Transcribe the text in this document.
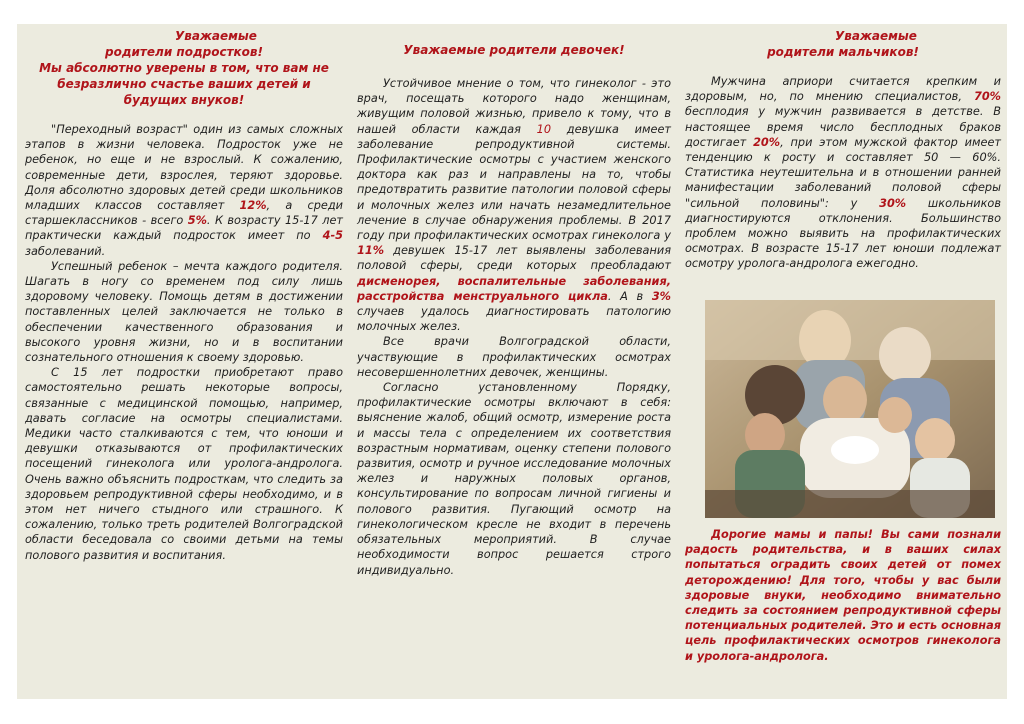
Уважаемые

родители подростков!

Мы абсолютно уверены в том, что вам не

безразлично счастье ваших детей и

будущих внуков!

"Переходный возраст" один из самых сложных этапов в жизни человека. Подросток уже не ребенок, но еще и не взрослый. К сожалению, современные дети, взрослея, теряют здоровье. Доля абсолютно здоровых детей среди школьников младших классов составляет 12%, а среди старшеклассников - всего 5%. К возрасту 15-17 лет практически каждый подросток имеет по 4-5 заболеваний.

Успешный ребенок – мечта каждого родителя. Шагать в ногу со временем под силу лишь здоровому человеку. Помощь детям в достижении поставленных целей заключается не только в обеспечении качественного образования и высокого уровня жизни, но и в воспитании сознательного отношения к своему здоровью.

С 15 лет подростки приобретают право самостоятельно решать некоторые вопросы, связанные с медицинской помощью, например, давать согласие на осмотры специалистами. Медики часто сталкиваются с тем, что юноши и девушки отказываются от профилактических посещений гинеколога или уролога-андролога. Очень важно объяснить подросткам, что следить за здоровьем репродуктивной сферы необходимо, и в этом нет ничего стыдного или страшного. К сожалению, только треть родителей Волгоградской области беседовала со своими детьми на темы полового развития и воспитания.

Уважаемые родители девочек!

Устойчивое мнение о том, что гинеколог - это врач, посещать которого надо женщинам, живущим половой жизнью, привело к тому, что в нашей области каждая 10 девушка имеет заболевание репродуктивной системы. Профилактические осмотры с участием женского доктора как раз и направлены на то, чтобы предотвратить развитие патологии половой сферы и молочных желез или начать незамедлительное лечение в случае обнаружения проблемы. В 2017 году при профилактических осмотрах гинеколога у 11% девушек 15-17 лет выявлены заболевания половой сферы, среди которых преобладают дисменорея, воспалительные заболевания, расстройства менструального цикла. А в 3% случаев удалось диагностировать патологию молочных желез.

Все врачи Волгоградской области, участвующие в профилактических осмотрах несовершеннолетних девочек, женщины.

Согласно установленному Порядку, профилактические осмотры включают в себя: выяснение жалоб, общий осмотр, измерение роста и массы тела с определением их соответствия возрастным нормативам, оценку степени полового развития, осмотр и ручное исследование молочных желез и наружных половых органов, консультирование по вопросам личной гигиены и полового развития. Пугающий осмотр на гинекологическом кресле не входит в перечень обязательных мероприятий. В случае необходимости вопрос решается строго индивидуально.

Уважаемые

родители мальчиков!

Мужчина априори считается крепким и здоровым, но, по мнению специалистов, 70% бесплодия у мужчин развивается в детстве. В настоящее время число бесплодных браков достигает 20%, при этом мужской фактор имеет тенденцию к росту и составляет 50 — 60%. Статистика неутешительна и в отношении ранней манифестации заболеваний половой сферы "сильной половины": у 30% школьников диагностируются отклонения. Большинство проблем можно выявить на профилактических осмотрах. В возрасте 15-17 лет юноши подлежат осмотру уролога-андролога ежегодно.

Дорогие мамы и папы! Вы сами познали радость родительства, и в ваших силах попытаться оградить своих детей от помех деторождению! Для того, чтобы у вас были здоровые внуки, необходимо внимательно следить за состоянием репродуктивной сферы потенциальных родителей. Это и есть основная цель профилактических осмотров гинеколога и уролога-андролога.
